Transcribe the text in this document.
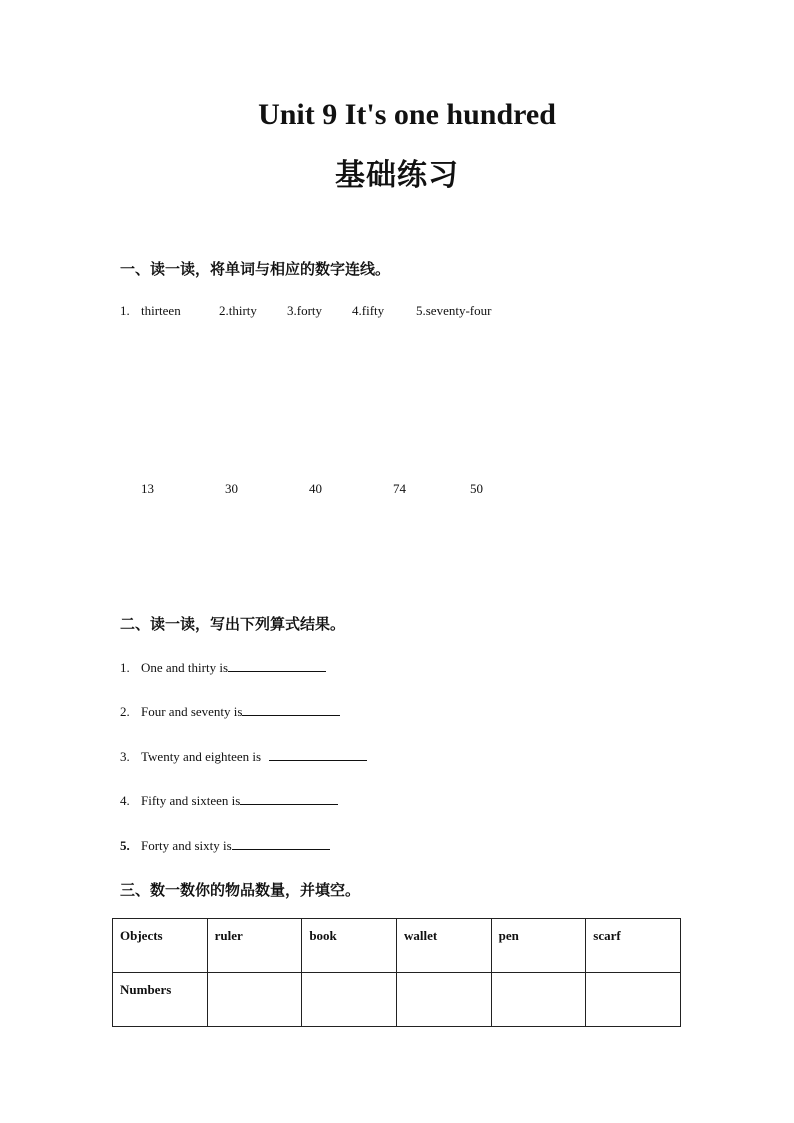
Unit 9 It's one hundred
基础练习
一、读一读，将单词与相应的数字连线。
1. thirteen	2.thirty 3.forty 4.fifty 5.seventy-four
13	30	40	74	50
二、读一读，写出下列算式结果。
1. One and thirty is
2. Four and seventy is
3. Twenty and eighteen is
4. Fifty and sixteen is
5. Forty and sixty is
三、数一数你的物品数量，并填空。
Objects	ruler	book	wallet	pen	scarf
Numbers					
